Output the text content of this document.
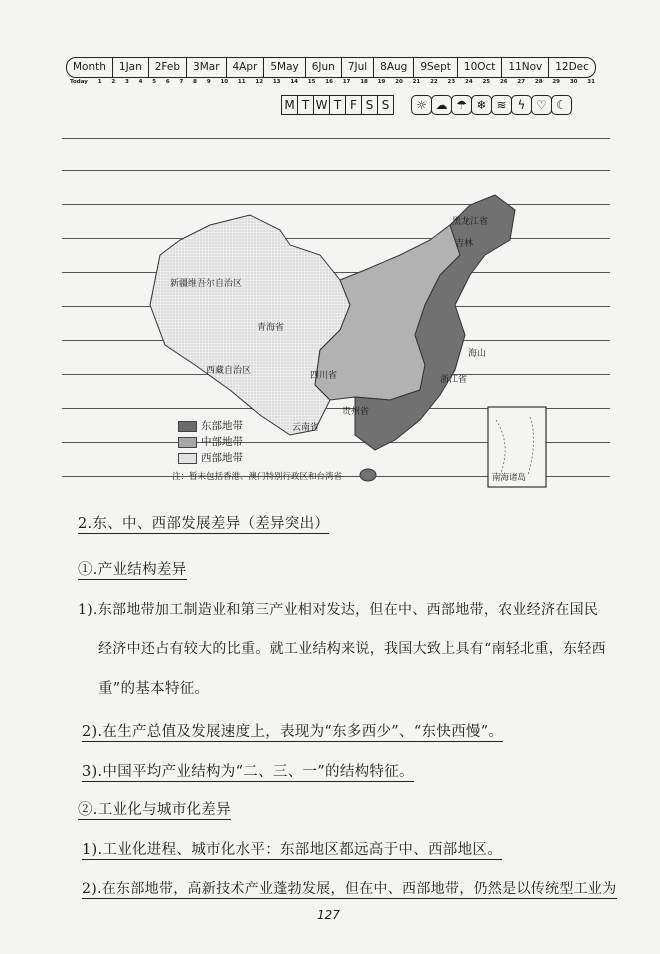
Month	1Jan	2Feb	3Mar	4Apr	5May	6Jun	7Jul	8Aug	9Sept	10Oct	11Nov	12Dec
Today 1 2 3 4 5 6 7 8 9 10 11 12 13 14 15 16 17 18 19 20 21 22 23 24 25 26 27 28 29 30 31
M T W T F S S	☼ ☁ ☂ ❄ ≋ ϟ ♡ ☾
黑龙江省
吉林
新疆维吾尔自治区
青海省
西藏自治区	四川省
云南省
贵州省
浙江省
海山
东部地带
中部地带
西部地带
注：暂未包括香港、澳门特别行政区和台湾省	南海诸岛
2.东、中、西部发展差异（差异突出）
①.产业结构差异
1).东部地带加工制造业和第三产业相对发达，但在中、西部地带，农业经济在国民
经济中还占有较大的比重。就工业结构来说，我国大致上具有“南轻北重，东轻西
重”的基本特征。
2).在生产总值及发展速度上，表现为“东多西少”、“东快西慢”。
3).中国平均产业结构为“二、三、一”的结构特征。
②.工业化与城市化差异
1).工业化进程、城市化水平：东部地区都远高于中、西部地区。
2).在东部地带，高新技术产业蓬勃发展，但在中、西部地带，仍然是以传统型工业为
127
